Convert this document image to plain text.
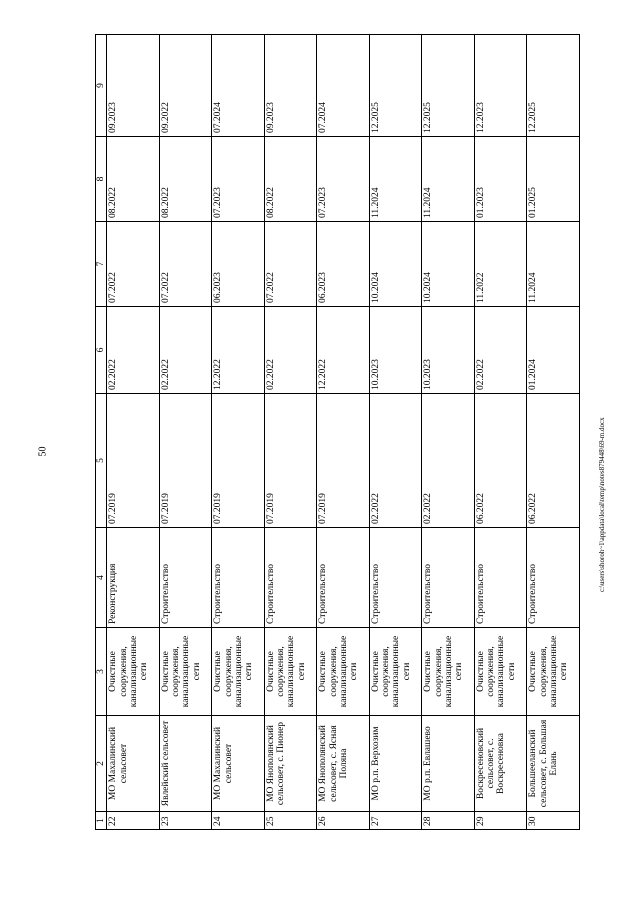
50
1	2	3	4	5	6	7	8	9
22	МО Махалинский сельсовет	Очистные сооружения, канализационные сети	Реконструкция	07.2019	02.2022	07.2022	08.2022	09.2023
23	Явлейский сельсовет	Очистные сооружения, канализационные сети	Строительство	07.2019	02.2022	07.2022	08.2022	09.2022
24	МО Махалинский сельсовет	Очистные сооружения, канализационные сети	Строительство	07.2019	12.2022	06.2023	07.2023	07.2024
25	МО Янополянский сельсовет, с. Пионер	Очистные сооружения, канализационные сети	Строительство	07.2019	02.2022	07.2022	08.2022	09.2023
26	МО Янополянский сельсовет, с. Ясная Поляна	Очистные сооружения, канализационные сети	Строительство	07.2019	12.2022	06.2023	07.2023	07.2024
27	МО р.п. Верхозим	Очистные сооружения, канализационные сети	Строительство	02.2022	10.2023	10.2024	11.2024	12.2025
28	МО р.п. Евлашево	Очистные сооружения, канализационные сети	Строительство	02.2022	10.2023	10.2024	11.2024	12.2025
29	Воскресеновский сельсовет, с. Воскресеновка	Очистные сооружения, канализационные сети	Строительство	06.2022	02.2022	11.2022	01.2023	12.2023
30	Большееланский сельсовет, с. Большая Елань	Очистные сооружения, канализационные сети	Строительство	06.2022	01.2024	11.2024	01.2025	12.2025
c:\users\shoroh~1\appdata\local\temp\notes879448\69-m.docx
